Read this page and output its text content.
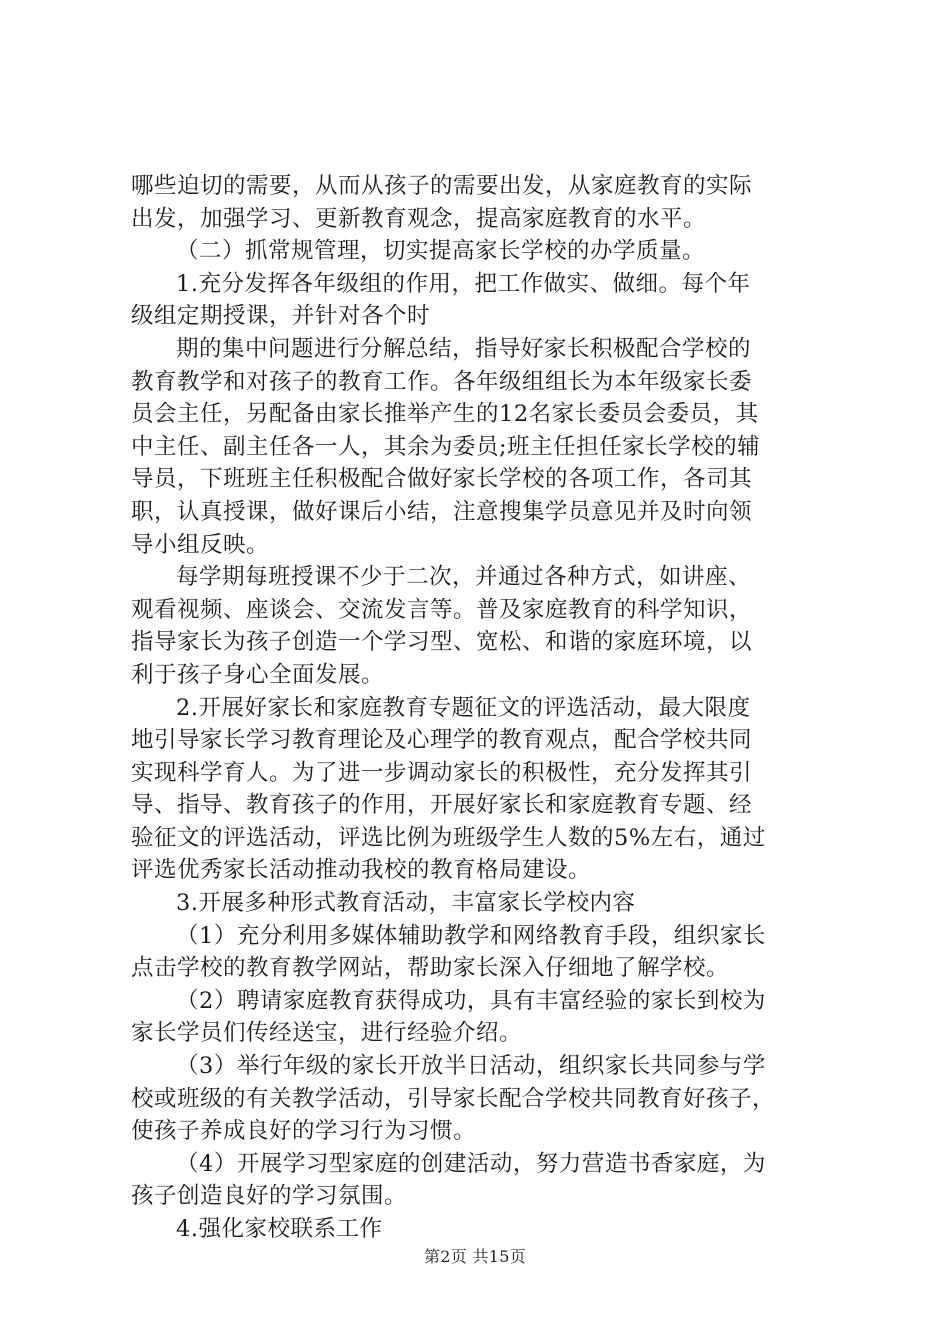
哪些迫切的需要，从而从孩子的需要出发，从家庭教育的实际
出发，加强学习、更新教育观念，提高家庭教育的水平。
（二）抓常规管理，切实提高家长学校的办学质量。
1.充分发挥各年级组的作用，把工作做实、做细。每个年
级组定期授课，并针对各个时
期的集中问题进行分解总结，指导好家长积极配合学校的
教育教学和对孩子的教育工作。各年级组组长为本年级家长委
员会主任，另配备由家长推举产生的12名家长委员会委员，其
中主任、副主任各一人，其余为委员;班主任担任家长学校的辅
导员，下班班主任积极配合做好家长学校的各项工作，各司其
职，认真授课，做好课后小结，注意搜集学员意见并及时向领
导小组反映。
每学期每班授课不少于二次，并通过各种方式，如讲座、
观看视频、座谈会、交流发言等。普及家庭教育的科学知识，
指导家长为孩子创造一个学习型、宽松、和谐的家庭环境，以
利于孩子身心全面发展。
2.开展好家长和家庭教育专题征文的评选活动，最大限度
地引导家长学习教育理论及心理学的教育观点，配合学校共同
实现科学育人。为了进一步调动家长的积极性，充分发挥其引
导、指导、教育孩子的作用，开展好家长和家庭教育专题、经
验征文的评选活动，评选比例为班级学生人数的5%左右，通过
评选优秀家长活动推动我校的教育格局建设。
3.开展多种形式教育活动，丰富家长学校内容
（1）充分利用多媒体辅助教学和网络教育手段，组织家长
点击学校的教育教学网站，帮助家长深入仔细地了解学校。
（2）聘请家庭教育获得成功，具有丰富经验的家长到校为
家长学员们传经送宝，进行经验介绍。
（3）举行年级的家长开放半日活动，组织家长共同参与学
校或班级的有关教学活动，引导家长配合学校共同教育好孩子，
使孩子养成良好的学习行为习惯。
（4）开展学习型家庭的创建活动，努力营造书香家庭，为
孩子创造良好的学习氛围。
4.强化家校联系工作
第2页 共15页
